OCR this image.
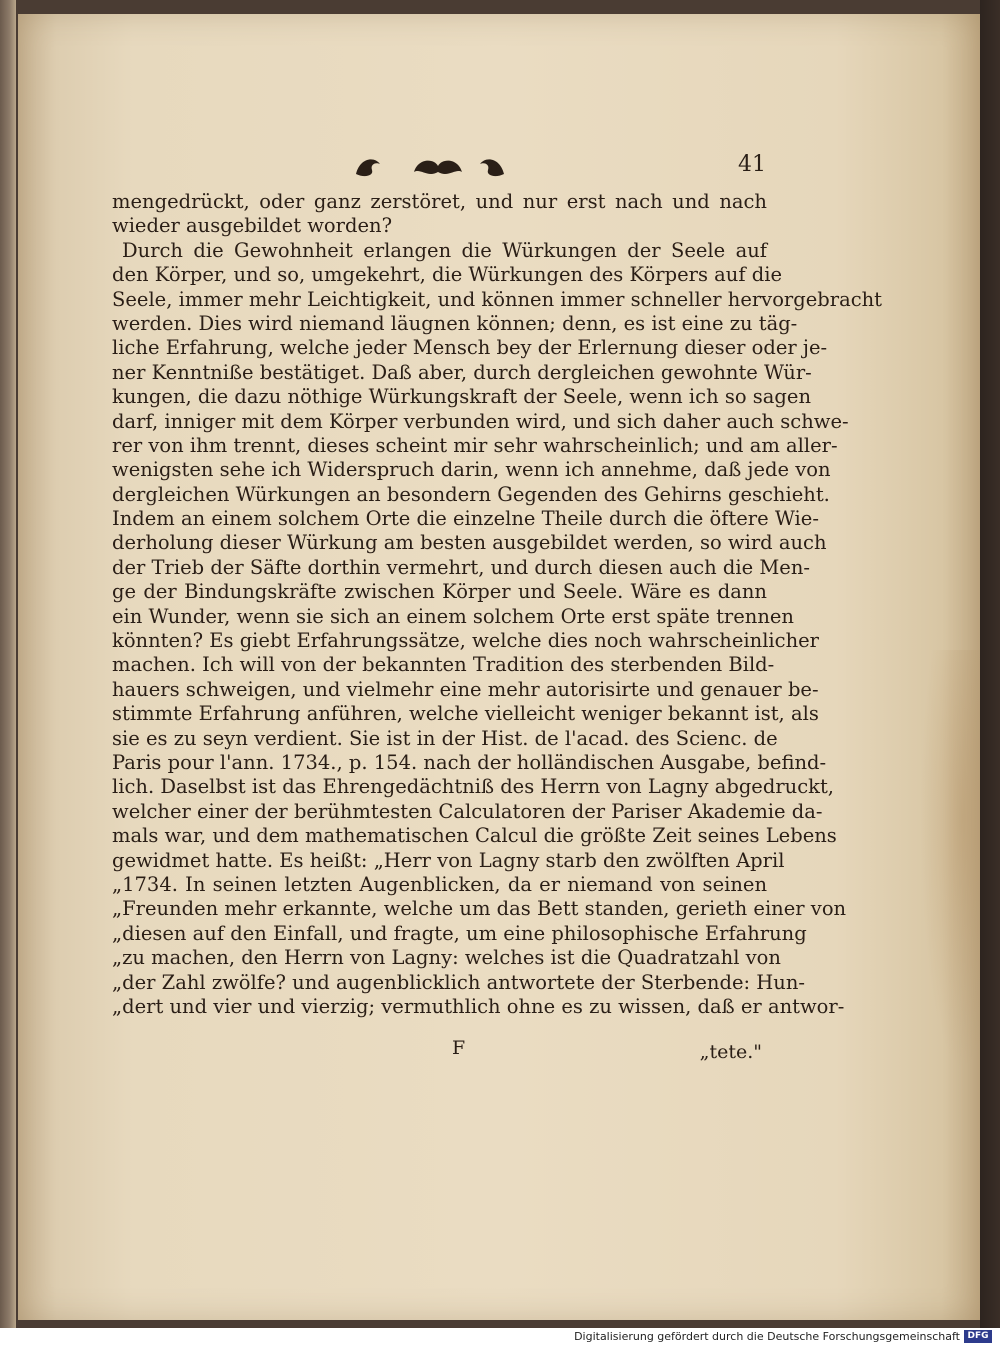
41
mengedrückt, oder ganz zerstöret, und nur erst nach und nach
wieder ausgebildet worden?
Durch die Gewohnheit erlangen die Würkungen der Seele auf
den Körper, und so, umgekehrt, die Würkungen des Körpers auf die
Seele, immer mehr Leichtigkeit, und können immer schneller hervorgebracht
werden. Dies wird niemand läugnen können; denn, es ist eine zu täg-
liche Erfahrung, welche jeder Mensch bey der Erlernung dieser oder je-
ner Kenntniße bestätiget. Daß aber, durch dergleichen gewohnte Wür-
kungen, die dazu nöthige Würkungskraft der Seele, wenn ich so sagen
darf, inniger mit dem Körper verbunden wird, und sich daher auch schwe-
rer von ihm trennt, dieses scheint mir sehr wahrscheinlich; und am aller-
wenigsten sehe ich Widerspruch darin, wenn ich annehme, daß jede von
dergleichen Würkungen an besondern Gegenden des Gehirns geschieht.
Indem an einem solchem Orte die einzelne Theile durch die öftere Wie-
derholung dieser Würkung am besten ausgebildet werden, so wird auch
der Trieb der Säfte dorthin vermehrt, und durch diesen auch die Men-
ge der Bindungskräfte zwischen Körper und Seele. Wäre es dann
ein Wunder, wenn sie sich an einem solchem Orte erst späte trennen
könnten? Es giebt Erfahrungssätze, welche dies noch wahrscheinlicher
machen. Ich will von der bekannten Tradition des sterbenden Bild-
hauers schweigen, und vielmehr eine mehr autorisirte und genauer be-
stimmte Erfahrung anführen, welche vielleicht weniger bekannt ist, als
sie es zu seyn verdient. Sie ist in der Hist. de l'acad. des Scienc. de
Paris pour l'ann. 1734., p. 154. nach der holländischen Ausgabe, befind-
lich. Daselbst ist das Ehrengedächtniß des Herrn von Lagny abgedruckt,
welcher einer der berühmtesten Calculatoren der Pariser Akademie da-
mals war, und dem mathematischen Calcul die größte Zeit seines Lebens
gewidmet hatte. Es heißt: „Herr von Lagny starb den zwölften April
„1734. In seinen letzten Augenblicken, da er niemand von seinen
„Freunden mehr erkannte, welche um das Bett standen, gerieth einer von
„diesen auf den Einfall, und fragte, um eine philosophische Erfahrung
„zu machen, den Herrn von Lagny: welches ist die Quadratzahl von
„der Zahl zwölfe? und augenblicklich antwortete der Sterbende: Hun-
„dert und vier und vierzig; vermuthlich ohne es zu wissen, daß er antwor-
F	„tete."
Digitalisierung gefördert durch die Deutsche Forschungsgemeinschaft DFG
